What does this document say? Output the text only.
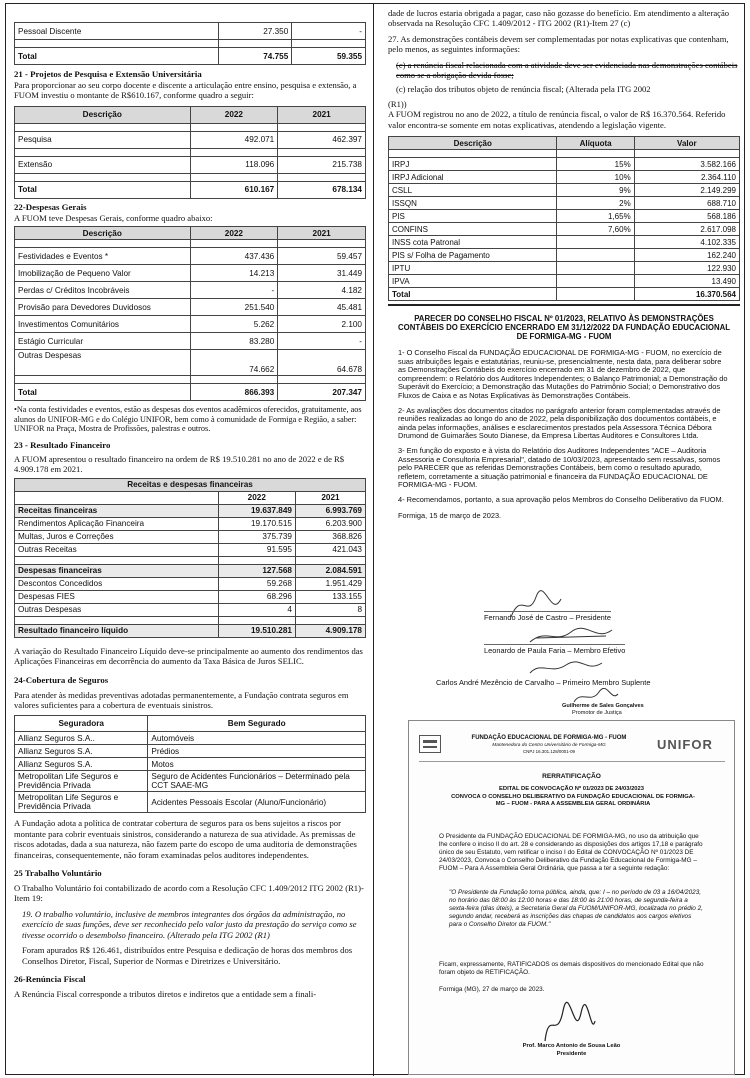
Pessoal Discente	27.350	-

Total	74.755	59.355
21 - Projetos de Pesquisa e Extensão Universitária

Para proporcionar ao seu corpo docente e discente a articulação entre ensino, pesquisa e extensão, a FUOM investiu o montante de R$610.167, conforme quadro a seguir:

Descrição	2022	2021

Pesquisa	492.071	462.397

Extensão	118.096	215.738

Total	610.167	678.134
22-Despesas Gerais

A FUOM teve Despesas Gerais, conforme quadro abaixo:

Descrição	2022	2021

Festividades e Eventos *	437.436	59.457
Imobilização de Pequeno Valor	14.213	31.449
Perdas c/ Créditos Incobráveis	-	4.182
Provisão para Devedores Duvidosos	251.540	45.481
Investimentos Comunitários	5.262	2.100
Estágio Curricular	83.280	-
Outras Despesas	74.662	64.678

Total	866.393	207.347

•Na conta festividades e eventos, estão as despesas dos eventos acadêmicos oferecidos, gratuitamente, aos alunos do UNIFOR-MG e do Colégio UNIFOR, bem como à comunidade de Formiga e Região, a saber: UNIFOR na Praça, Mostra de Profissões, palestras e outros.

23 - Resultado Financeiro

A FUOM apresentou o resultado financeiro na ordem de R$ 19.510.281 no ano de 2022 e de R$ 4.909.178 em 2021.

Receitas e despesas financeiras		
	2022	2021
Receitas financeiras	19.637.849	6.993.769
Rendimentos Aplicação Financeira	19.170.515	6.203.900
Multas, Juros e Correções	375.739	368.826
Outras Receitas	91.595	421.043

Despesas financeiras	127.568	2.084.591
Descontos Concedidos	59.268	1.951.429
Despesas FIES	68.296	133.155
Outras Despesas	4	8

Resultado financeiro líquido	19.510.281	4.909.178

A variação do Resultado Financeiro Líquido deve-se principalmente ao aumento dos rendimentos das Aplicações Financeiras em decorrência do aumento da Taxa Básica de Juros SELIC.

24-Cobertura de Seguros

Para atender às medidas preventivas adotadas permanentemente, a Fundação contrata seguros em valores suficientes para a cobertura de eventuais sinistros.

Seguradora	Bem Segurado
Allianz Seguros S.A..	Automóveis
Allianz Seguros S.A.	Prédios
Allianz Seguros S.A.	Motos
Metropolitan Life Seguros e Previdência Privada	Seguro de Acidentes Funcionários – Determinado pela CCT SAAE-MG
Metropolitan Life Seguros e Previdência Privada	Acidentes Pessoais Escolar (Aluno/Funcionário)

A Fundação adota a política de contratar cobertura de seguros para os bens sujeitos a riscos por montante para cobrir eventuais sinistros, considerando a natureza de sua atividade. As premissas de riscos adotadas, dada a sua natureza, não fazem parte do escopo de uma auditoria de demonstrações financeiras, consequentemente, não foram examinadas pelos auditores independentes.

25 Trabalho Voluntário

O Trabalho Voluntário foi contabilizado de acordo com a Resolução CFC 1.409/2012 ITG 2002 (R1)-Item 19:

19. O trabalho voluntário, inclusive de membros integrantes dos órgãos da administração, no exercício de suas funções, deve ser reconhecido pelo valor justo da prestação do serviço como se tivesse ocorrido o desembolso financeiro. (Alterado pela ITG 2002 (R1)

Foram apurados R$ 126.461, distribuídos entre Pesquisa e dedicação de horas dos membros dos Conselhos Diretor, Fiscal, Superior de Normas e Diretrizes e Universitário.

26-Renúncia Fiscal

A Renúncia Fiscal corresponde a tributos diretos e indiretos que a entidade sem a finali-

dade de lucros estaria obrigada a pagar, caso não gozasse do benefício. Em atendimento a alteração observada na Resolução CFC 1.409/2012 - ITG 2002 (R1)-Item 27 (c)

27. As demonstrações contábeis devem ser complementadas por notas explicativas que contenham, pelo menos, as seguintes informações:

(c) a renúncia fiscal relacionada com a atividade deve ser evidenciada nas demonstrações contábeis como se a obrigação devida fosse;

(c) relação dos tributos objeto de renúncia fiscal; (Alterada pela ITG 2002

(R1))

A FUOM registrou no ano de 2022, a título de renúncia fiscal, o valor de R$ 16.370.564. Referido valor encontra-se somente em notas explicativas, atendendo a legislação vigente.

Descrição	Alíquota	Valor

IRPJ	15%	3.582.166
IRPJ Adicional	10%	2.364.110
CSLL	9%	2.149.299
ISSQN	2%	688.710
PIS	1,65%	568.186
CONFINS	7,60%	2.617.098
INSS cota Patronal		4.102.335
PIS s/ Folha de Pagamento		162.240
IPTU		122.930
IPVA		13.490
Total		16.370.564
PARECER DO CONSELHO FISCAL Nº 01/2023, RELATIVO ÀS DEMONSTRAÇÕES CONTÁBEIS DO EXERCÍCIO ENCERRADO EM 31/12/2022 DA FUNDAÇÃO EDUCACIONAL DE FORMIGA-MG - FUOM

1- O Conselho Fiscal da FUNDAÇÃO EDUCACIONAL DE FORMIGA-MG - FUOM, no exercício de suas atribuições legais e estatutárias, reuniu-se, presencialmente, nesta data, para deliberar sobre as Demonstrações Contábeis do exercício encerrado em 31 de dezembro de 2022, que compreendem: o Relatório dos Auditores Independentes; o Balanço Patrimonial; a Demonstração do Superávit do Exercício; a Demonstração das Mutações do Patrimônio Social; o Demonstrativo dos Fluxos de Caixa e as Notas Explicativas às Demonstrações Contábeis.

2- As avaliações dos documentos citados no parágrafo anterior foram complementadas através de reuniões realizadas ao longo do ano de 2022, pela disponibilização dos documentos contábeis, e ainda pelas informações, análises e esclarecimentos prestados pela Assessora Técnica Débora Drumond de Guimarães Souto Dianese, da Empresa Libertas Auditores e Consultores Ltda.

3- Em função do exposto e à vista do Relatório dos Auditores Independentes "ACE – Auditoria Assessoria e Consultoria Empresarial", datado de 10/03/2023, apresentado sem ressalvas, somos pelo PARECER que as referidas Demonstrações Contábeis, bem como o resultado apurado, refletem, corretamente a situação patrimonial e financeira da FUNDAÇÃO EDUCACIONAL DE FORMIGA-MG - FUOM.

4- Recomendamos, portanto, a sua aprovação pelos Membros do Conselho Deliberativo da FUOM.

Formiga, 15 de março de 2023.

Fernando José de Castro – Presidente
Leonardo de Paula Faria – Membro Efetivo
Carlos André Mezêncio de Carvalho – Primeiro Membro Suplente
Guilherme de Sales Gonçalves
Promotor de Justiça
FUNDAÇÃO EDUCACIONAL DE FORMIGA-MG - FUOM
Mantenedora do Centro Universitário de Formiga-MG
CNPJ 16.301.128/0001-09	UNIFOR
RERRATIFICAÇÃO
EDITAL DE CONVOCAÇÃO Nº 01/2023 DE 24/03/2023
CONVOCA O CONSELHO DELIBERATIVO DA FUNDAÇÃO EDUCACIONAL DE FORMIGA-MG – FUOM - PARA A ASSEMBLEIA GERAL ORDINÁRIA

O Presidente da FUNDAÇÃO EDUCACIONAL DE FORMIGA-MG, no uso da atribuição que lhe confere o inciso II do art. 28 e considerando as disposições dos artigos 17,18 e parágrafo único de seu Estatuto, vem retificar o inciso I do Edital de CONVOCAÇÃO Nº 01/2023 DE 24/03/2023, Convoca o Conselho Deliberativo da Fundação Educacional de Formiga-MG – FUOM – Para A Assembleia Geral Ordinária, que passa a ter a seguinte redação:

"O Presidente da Fundação torna pública, ainda, que: I – no período de 03 a 16/04/2023, no horário das 08:00 às 12:00 horas e das 18:00 às 21:00 horas, de segunda-feira a sexta-feira (dias úteis), a Secretaria Geral da FUOM/UNIFOR-MG, localizada no prédio 2, segundo andar, receberá as inscrições das chapas de candidatos aos cargos eletivos para o Conselho Diretor da FUOM."

Ficam, expressamente, RATIFICADOS os demais dispositivos do mencionado Edital que não foram objeto de RETIFICAÇÃO.

Formiga (MG), 27 de março de 2023.

Prof. Marco Antonio de Sousa Leão
Presidente
